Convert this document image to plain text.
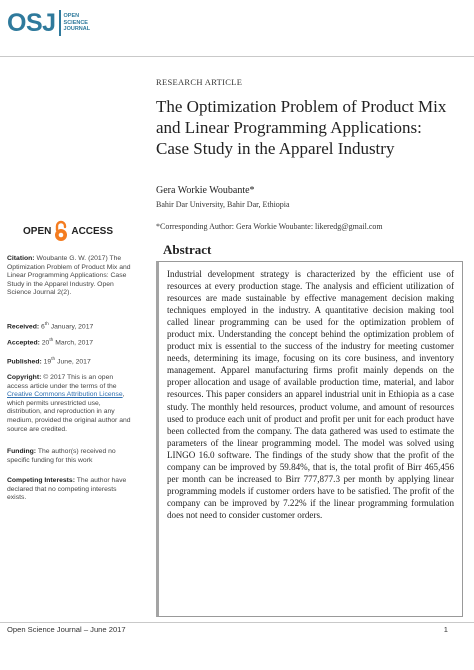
OSJ OPEN
SCIENCE
JOURNAL
RESEARCH ARTICLE
The Optimization Problem of Product Mix and Linear Programming Applications: Case Study in the Apparel Industry
Gera Workie Woubante*
Bahir Dar University, Bahir Dar, Ethiopia
*Corresponding Author: Gera Workie Woubante: likeredg@gmail.com
OPEN ACCESS
Citation: Woubante G. W. (2017) The Optimization Problem of Product Mix and Linear Programming Applications: Case Study in the Apparel Industry. Open Science Journal 2(2).
Received: 6th January, 2017
Accepted: 20th March, 2017
Published: 19th June, 2017
Copyright: © 2017 This is an open access article under the terms of the Creative Commons Attribution License, which permits unrestricted use, distribution, and reproduction in any medium, provided the original author and source are credited.
Funding: The author(s) received no specific funding for this work
Competing Interests: The author have declared that no competing interests exists.
Abstract

Industrial development strategy is characterized by the efficient use of resources at every production stage. The analysis and efficient utilization of resources are made sustainable by effective management decision making techniques employed in the industry. A quantitative decision making tool called linear programming can be used for the optimization problem of product mix. Understanding the concept behind the optimization problem of product mix is essential to the success of the industry for meeting customer needs, determining its image, focusing on its core business, and inventory management. Apparel manufacturing firms profit mainly depends on the proper allocation and usage of available production time, material, and labor resources. This paper considers an apparel industrial unit in Ethiopia as a case study. The monthly held resources, product volume, and amount of resources used to produce each unit of product and profit per unit for each product have been collected from the company. The data gathered was used to estimate the parameters of the linear programming model. The model was solved using LINGO 16.0 software. The findings of the study show that the profit of the company can be improved by 59.84%, that is, the total profit of Birr 465,456 per month can be increased to Birr 777,877.3 per month by applying linear programming models if customer orders have to be satisfied. The profit of the company can be improved by 7.22% if the linear programming formulation does not need to consider customer orders.

Open Science Journal – June 2017	1
